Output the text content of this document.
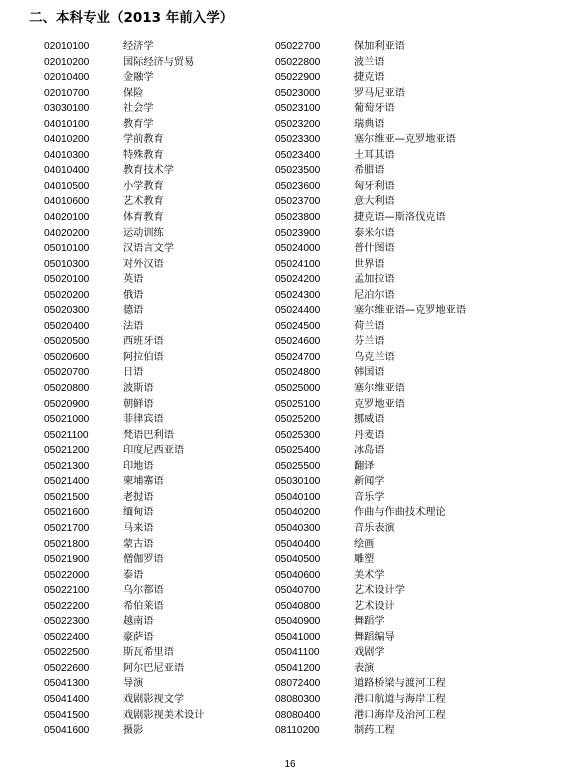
二、本科专业（2013 年前入学）
02010100	经济学
02010200	国际经济与贸易
02010400	金融学
02010700	保险
03030100	社会学
04010100	教育学
04010200	学前教育
04010300	特殊教育
04010400	教育技术学
04010500	小学教育
04010600	艺术教育
04020100	体育教育
04020200	运动训练
05010100	汉语言文学
05010300	对外汉语
05020100	英语
05020200	俄语
05020300	德语
05020400	法语
05020500	西班牙语
05020600	阿拉伯语
05020700	日语
05020800	波斯语
05020900	朝鲜语
05021000	菲律宾语
05021100	梵语巴利语
05021200	印度尼西亚语
05021300	印地语
05021400	柬埔寨语
05021500	老挝语
05021600	缅甸语
05021700	马来语
05021800	蒙古语
05021900	僧伽罗语
05022000	泰语
05022100	乌尔都语
05022200	希伯莱语
05022300	越南语
05022400	豪萨语
05022500	斯瓦希里语
05022600	阿尔巴尼亚语
05041300	导演
05041400	戏剧影视文学
05041500	戏剧影视美术设计
05041600	摄影
05022700	保加利亚语
05022800	波兰语
05022900	捷克语
05023000	罗马尼亚语
05023100	葡萄牙语
05023200	瑞典语
05023300	塞尔维亚—克罗地亚语
05023400	土耳其语
05023500	希腊语
05023600	匈牙利语
05023700	意大利语
05023800	捷克语—斯洛伐克语
05023900	泰米尔语
05024000	普什图语
05024100	世界语
05024200	孟加拉语
05024300	尼泊尔语
05024400	塞尔维亚语—克罗地亚语
05024500	荷兰语
05024600	芬兰语
05024700	乌克兰语
05024800	韩国语
05025000	塞尔维亚语
05025100	克罗地亚语
05025200	挪威语
05025300	丹麦语
05025400	冰岛语
05025500	翻译
05030100	新闻学
05040100	音乐学
05040200	作曲与作曲技术理论
05040300	音乐表演
05040400	绘画
05040500	雕塑
05040600	美术学
05040700	艺术设计学
05040800	艺术设计
05040900	舞蹈学
05041000	舞蹈编导
05041100	戏剧学
05041200	表演
08072400	道路桥梁与渡河工程
08080300	港口航道与海岸工程
08080400	港口海岸及治河工程
08110200	制药工程
16
